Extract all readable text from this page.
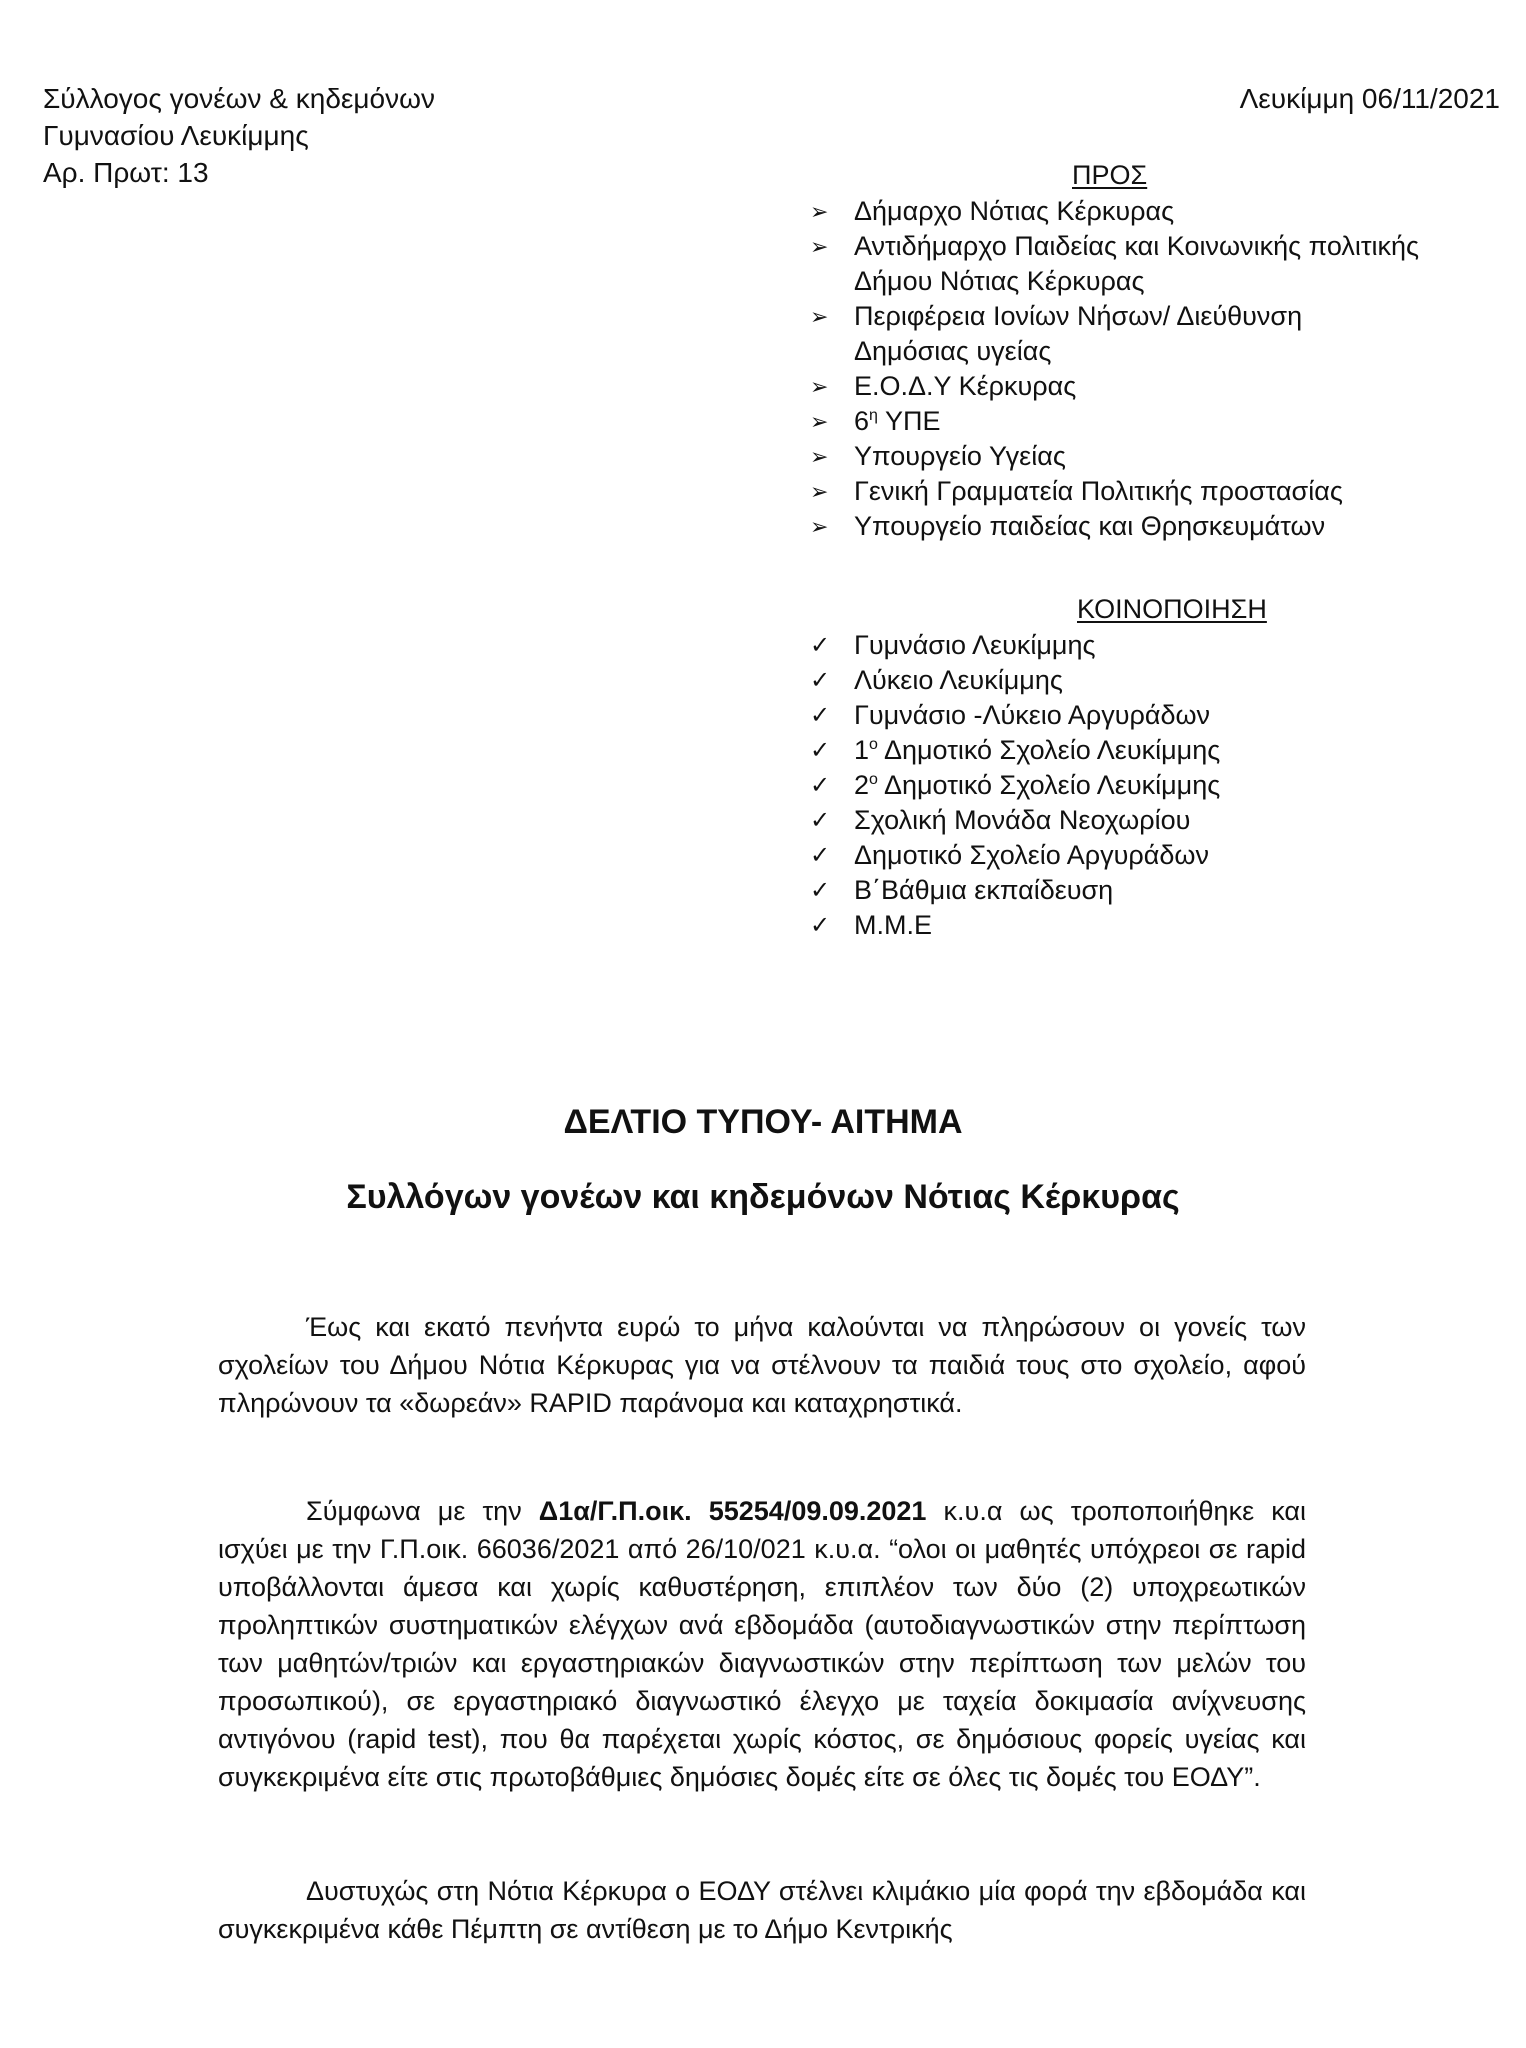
Σύλλογος γονέων & κηδεμόνων
Γυμνασίου Λευκίμμης
Αρ. Πρωτ: 13
Λευκίμμη 06/11/2021
ΠΡΟΣ
➢ Δήμαρχο Νότιας Κέρκυρας
➢ Αντιδήμαρχο Παιδείας και Κοινωνικής πολιτικής
Δήμου Νότιας Κέρκυρας
➢ Περιφέρεια Ιονίων Νήσων/ Διεύθυνση
Δημόσιας υγείας
➢ Ε.Ο.Δ.Υ Κέρκυρας
➢ $6^\eta$ ΥΠΕ
➢ Υπουργείο Υγείας
➢ Γενική Γραμματεία Πολιτικής προστασίας
➢ Υπουργείο παιδείας και Θρησκευμάτων
ΚΟΙΝΟΠΟΙΗΣΗ
✓ Γυμνάσιο Λευκίμμης
✓ Λύκειο Λευκίμμης
✓ Γυμνάσιο -Λύκειο Αργυράδων
✓ $1^o$ Δημοτικό Σχολείο Λευκίμμης
✓ $2^o$ Δημοτικό Σχολείο Λευκίμμης
✓ Σχολική Μονάδα Νεοχωρίου
✓ Δημοτικό Σχολείο Αργυράδων
✓ Β΄Βάθμια εκπαίδευση
✓ Μ.Μ.Ε
ΔΕΛΤΙΟ ΤΥΠΟΥ- ΑΙΤΗΜΑ
Συλλόγων γονέων και κηδεμόνων Νότιας Κέρκυρας

Έως και εκατό πενήντα ευρώ το μήνα καλούνται να πληρώσουν οι γονείς των σχολείων του Δήμου Νότια Κέρκυρας για να στέλνουν τα παιδιά τους στο σχολείο, αφού πληρώνουν τα «δωρεάν» RAPID παράνομα και καταχρηστικά.

Σύμφωνα με την Δ1α/Γ.Π.οικ. 55254/09.09.2021 κ.υ.α ως τροποποιήθηκε και ισχύει με την Γ.Π.οικ. 66036/2021 από 26/10/021 κ.υ.α. “ολοι οι μαθητές υπόχρεοι σε rapid υποβάλλονται άμεσα και χωρίς καθυστέρηση, επιπλέον των δύο (2) υποχρεωτικών προληπτικών συστηματικών ελέγχων ανά εβδομάδα (αυτοδιαγνωστικών στην περίπτωση των μαθητών/τριών και εργαστηριακών διαγνωστικών στην περίπτωση των μελών του προσωπικού), σε εργαστηριακό διαγνωστικό έλεγχο με ταχεία δοκιμασία ανίχνευσης αντιγόνου (rapid test), που θα παρέχεται χωρίς κόστος, σε δημόσιους φορείς υγείας και συγκεκριμένα είτε στις πρωτοβάθμιες δημόσιες δομές είτε σε όλες τις δομές του ΕΟΔΥ”.

Δυστυχώς στη Νότια Κέρκυρα ο ΕΟΔΥ στέλνει κλιμάκιο μία φορά την εβδομάδα και συγκεκριμένα κάθε Πέμπτη σε αντίθεση με το Δήμο Κεντρικής
